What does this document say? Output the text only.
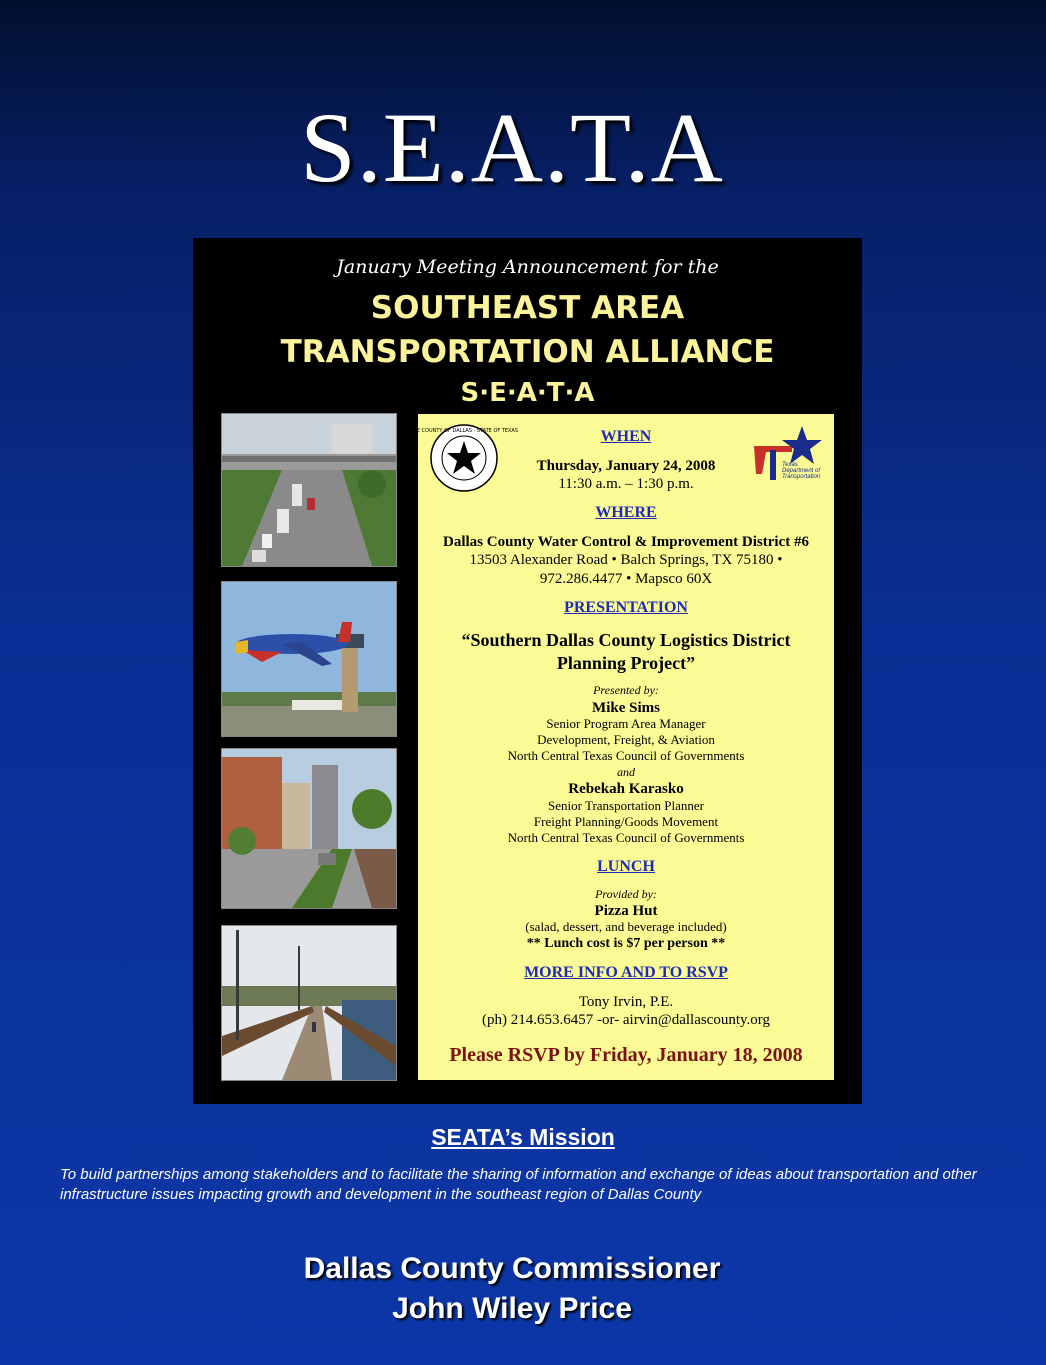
S.E.A.T.A
January Meeting Announcement for the
SOUTHEAST AREA
TRANSPORTATION ALLIANCE
S·E·A·T·A
THE COUNTY OF DALLAS · STATE OF TEXAS
Texas Department of Transportation
WHEN
Thursday, January 24, 2008
11:30 a.m. – 1:30 p.m.
WHERE
Dallas County Water Control & Improvement District #6
13503 Alexander Road • Balch Springs, TX 75180 •
972.286.4477 • Mapsco 60X
PRESENTATION
“Southern Dallas County Logistics District
Planning Project”
Presented by:
Mike Sims
Senior Program Area Manager
Development, Freight, & Aviation
North Central Texas Council of Governments
and
Rebekah Karasko
Senior Transportation Planner
Freight Planning/Goods Movement
North Central Texas Council of Governments
LUNCH
Provided by:
Pizza Hut
(salad, dessert, and beverage included)
** Lunch cost is $7 per person **
MORE INFO AND TO RSVP
Tony Irvin, P.E.
(ph) 214.653.6457 -or- airvin@dallascounty.org
Please RSVP by Friday, January 18, 2008
SEATA’s Mission
To build partnerships among stakeholders and to facilitate the sharing of information and exchange of ideas about transportation and other infrastructure issues impacting growth and development in the southeast region of Dallas County
Dallas County Commissioner
John Wiley Price
